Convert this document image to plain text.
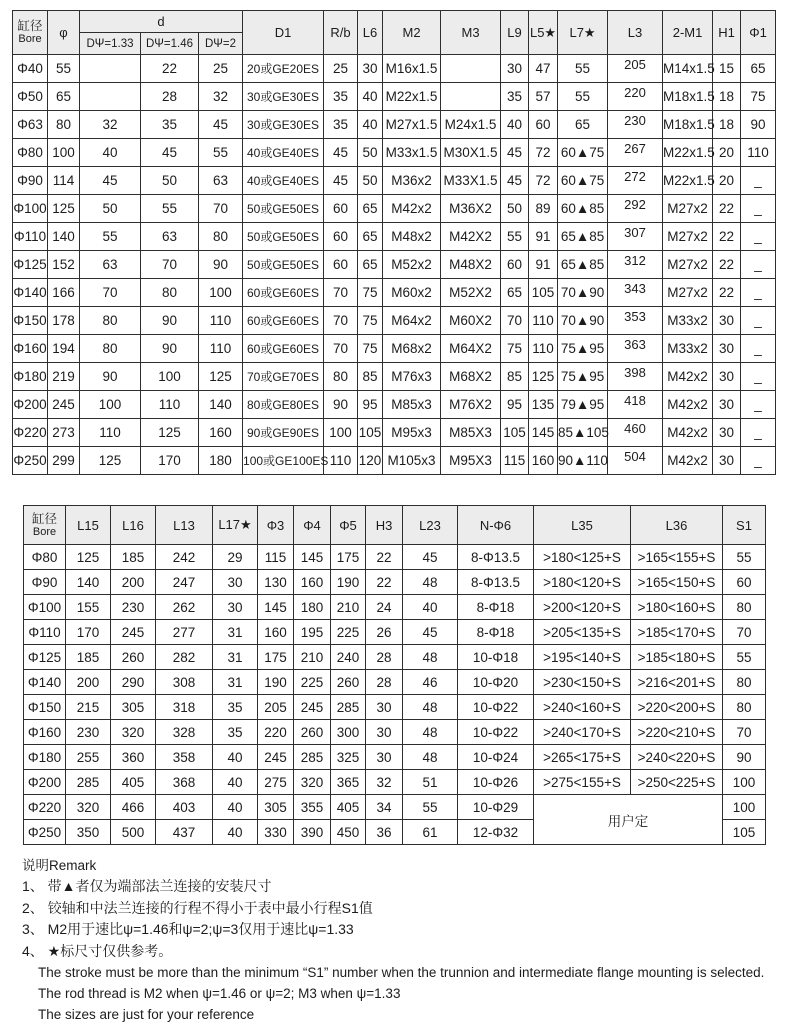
缸径
Bore	φ	d			D1	R/b	L6	M2	M3	L9	L5★	L7★	L3	2-M1	H1	Φ1
		DΨ=1.33	DΨ=1.46	DΨ=2												
Φ40	55		22	25	20或GE20ES	25	30	M16x1.5		30	47	55	205	M14x1.5	15	65
Φ50	65		28	32	30或GE30ES	35	40	M22x1.5		35	57	55	220	M18x1.5	18	75
Φ63	80	32	35	45	30或GE30ES	35	40	M27x1.5	M24x1.5	40	60	65	230	M18x1.5	18	90
Φ80	100	40	45	55	40或GE40ES	45	50	M33x1.5	M30X1.5	45	72	60▲75	267	M22x1.5	20	110
Φ90	114	45	50	63	40或GE40ES	45	50	M36x2	M33X1.5	45	72	60▲75	272	M22x1.5	20	_
Φ100	125	50	55	70	50或GE50ES	60	65	M42x2	M36X2	50	89	60▲85	292	M27x2	22	_
Φ110	140	55	63	80	50或GE50ES	60	65	M48x2	M42X2	55	91	65▲85	307	M27x2	22	_
Φ125	152	63	70	90	50或GE50ES	60	65	M52x2	M48X2	60	91	65▲85	312	M27x2	22	_
Φ140	166	70	80	100	60或GE60ES	70	75	M60x2	M52X2	65	105	70▲90	343	M27x2	22	_
Φ150	178	80	90	110	60或GE60ES	70	75	M64x2	M60X2	70	110	70▲90	353	M33x2	30	_
Φ160	194	80	90	110	60或GE60ES	70	75	M68x2	M64X2	75	110	75▲95	363	M33x2	30	_
Φ180	219	90	100	125	70或GE70ES	80	85	M76x3	M68X2	85	125	75▲95	398	M42x2	30	_
Φ200	245	100	110	140	80或GE80ES	90	95	M85x3	M76X2	95	135	79▲95	418	M42x2	30	_
Φ220	273	110	125	160	90或GE90ES	100	105	M95x3	M85X3	105	145	85▲105	460	M42x2	30	_
Φ250	299	125	170	180	100或GE100ES	110	120	M105x3	M95X3	115	160	90▲110	504	M42x2	30	_
缸径
Bore	L15	L16	L13	L17★	Φ3	Φ4	Φ5	H3	L23	N-Φ6	L35	L36	S1
Φ80	125	185	242	29	115	145	175	22	45	8-Φ13.5	>180<125+S	>165<155+S	55
Φ90	140	200	247	30	130	160	190	22	48	8-Φ13.5	>180<120+S	>165<150+S	60
Φ100	155	230	262	30	145	180	210	24	40	8-Φ18	>200<120+S	>180<160+S	80
Φ110	170	245	277	31	160	195	225	26	45	8-Φ18	>205<135+S	>185<170+S	70
Φ125	185	260	282	31	175	210	240	28	48	10-Φ18	>195<140+S	>185<180+S	55
Φ140	200	290	308	31	190	225	260	28	46	10-Φ20	>230<150+S	>216<201+S	80
Φ150	215	305	318	35	205	245	285	30	48	10-Φ22	>240<160+S	>220<200+S	80
Φ160	230	320	328	35	220	260	300	30	48	10-Φ22	>240<170+S	>220<210+S	70
Φ180	255	360	358	40	245	285	325	30	48	10-Φ24	>265<175+S	>240<220+S	90
Φ200	285	405	368	40	275	320	365	32	51	10-Φ26	>275<155+S	>250<225+S	100
Φ220	320	466	403	40	305	355	405	34	55	10-Φ29	用户定		100
Φ250	350	500	437	40	330	390	450	36	61	12-Φ32			105
说明Remark
1、 带▲者仅为端部法兰连接的安装尺寸
2、 铰轴和中法兰连接的行程不得小于表中最小行程S1值
3、 M2用于速比ψ=1.46和ψ=2;ψ=3仅用于速比ψ=1.33
4、 ★标尺寸仅供参考。
The stroke must be more than the minimum “S1” number when the trunnion and intermediate flange mounting is selected.
The rod thread is M2 when ψ=1.46 or ψ=2; M3 when ψ=1.33
The sizes are just for your reference
